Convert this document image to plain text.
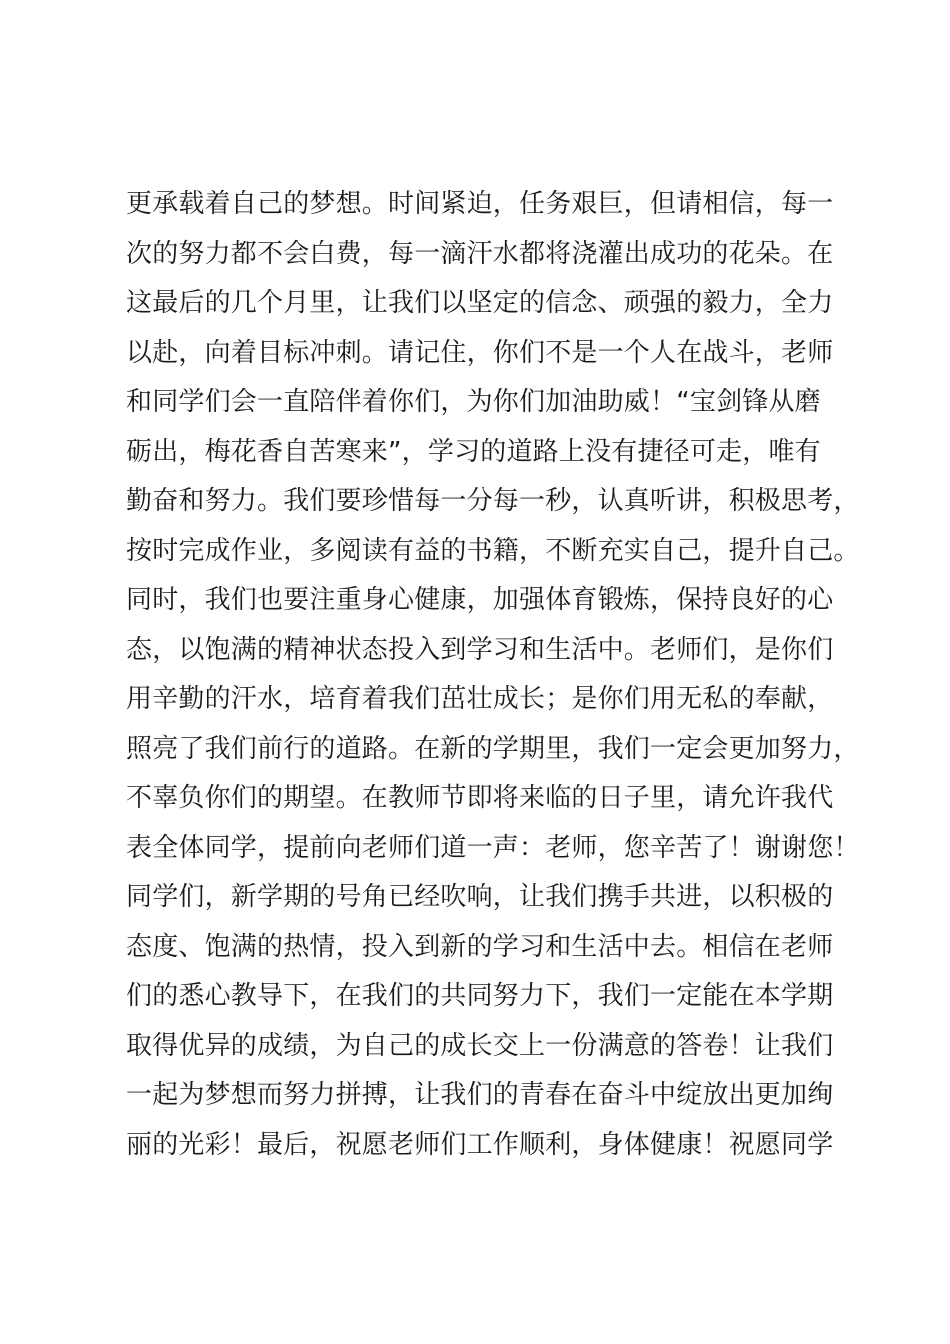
更承载着自己的梦想。时间紧迫，任务艰巨，但请相信，每一
次的努力都不会白费，每一滴汗水都将浇灌出成功的花朵。在
这最后的几个月里，让我们以坚定的信念、顽强的毅力，全力
以赴，向着目标冲刺。请记住，你们不是一个人在战斗，老师
和同学们会一直陪伴着你们，为你们加油助威！“宝剑锋从磨
砺出，梅花香自苦寒来”，学习的道路上没有捷径可走，唯有
勤奋和努力。我们要珍惜每一分每一秒，认真听讲，积极思考，
按时完成作业，多阅读有益的书籍，不断充实自己，提升自己。
同时，我们也要注重身心健康，加强体育锻炼，保持良好的心
态，以饱满的精神状态投入到学习和生活中。老师们，是你们
用辛勤的汗水，培育着我们茁壮成长；是你们用无私的奉献，
照亮了我们前行的道路。在新的学期里，我们一定会更加努力，
不辜负你们的期望。在教师节即将来临的日子里，请允许我代
表全体同学，提前向老师们道一声：老师，您辛苦了！谢谢您！
同学们，新学期的号角已经吹响，让我们携手共进，以积极的
态度、饱满的热情，投入到新的学习和生活中去。相信在老师
们的悉心教导下，在我们的共同努力下，我们一定能在本学期
取得优异的成绩，为自己的成长交上一份满意的答卷！让我们
一起为梦想而努力拼搏，让我们的青春在奋斗中绽放出更加绚
丽的光彩！最后，祝愿老师们工作顺利，身体健康！祝愿同学
